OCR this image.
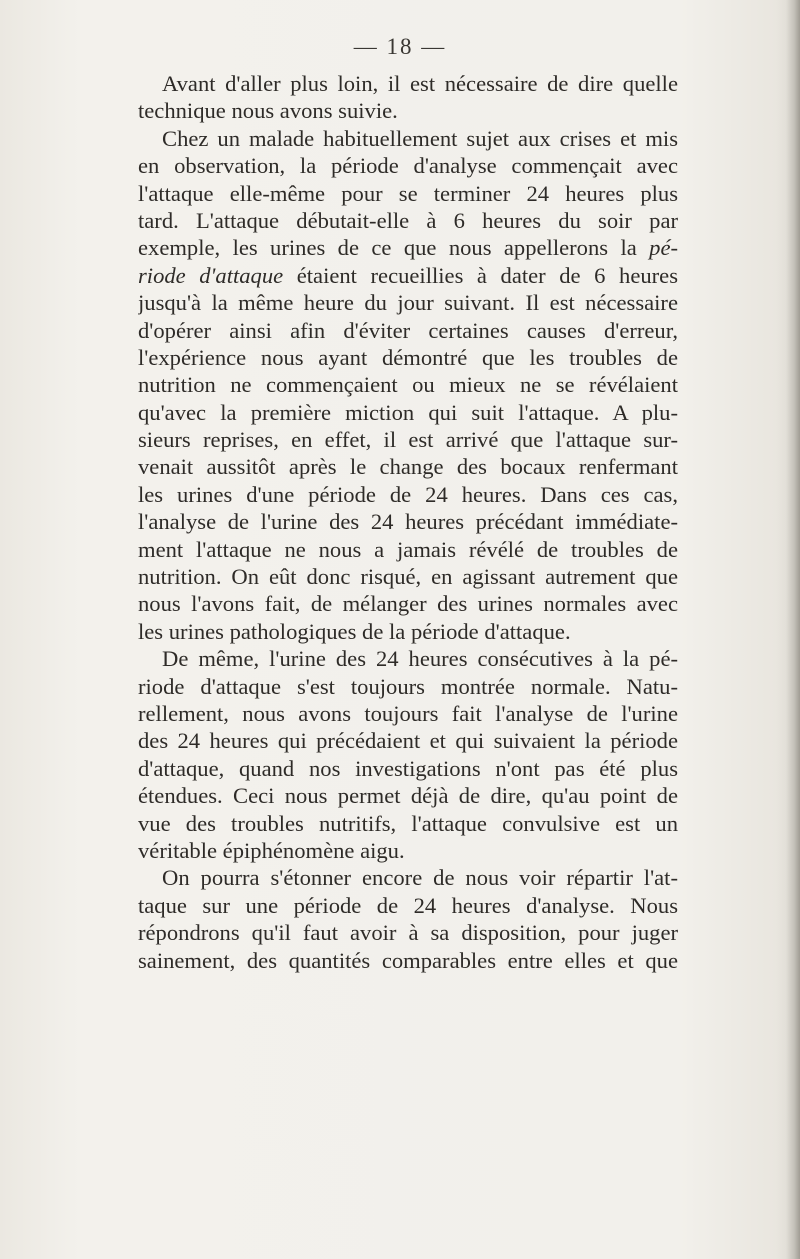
— 18 —
Avant d'aller plus loin, il est nécessaire de dire quelle
technique nous avons suivie.
Chez un malade habituellement sujet aux crises et mis
en observation, la période d'analyse commençait avec
l'attaque elle-même pour se terminer 24 heures plus
tard. L'attaque débutait-elle à 6 heures du soir par
exemple, les urines de ce que nous appellerons la pé-
riode d'attaque étaient recueillies à dater de 6 heures
jusqu'à la même heure du jour suivant. Il est nécessaire
d'opérer ainsi afin d'éviter certaines causes d'erreur,
l'expérience nous ayant démontré que les troubles de
nutrition ne commençaient ou mieux ne se révélaient
qu'avec la première miction qui suit l'attaque. A plu-
sieurs reprises, en effet, il est arrivé que l'attaque sur-
venait aussitôt après le change des bocaux renfermant
les urines d'une période de 24 heures. Dans ces cas,
l'analyse de l'urine des 24 heures précédant immédiate-
ment l'attaque ne nous a jamais révélé de troubles de
nutrition. On eût donc risqué, en agissant autrement que
nous l'avons fait, de mélanger des urines normales avec
les urines pathologiques de la période d'attaque.
De même, l'urine des 24 heures consécutives à la pé-
riode d'attaque s'est toujours montrée normale. Natu-
rellement, nous avons toujours fait l'analyse de l'urine
des 24 heures qui précédaient et qui suivaient la période
d'attaque, quand nos investigations n'ont pas été plus
étendues. Ceci nous permet déjà de dire, qu'au point de
vue des troubles nutritifs, l'attaque convulsive est un
véritable épiphénomène aigu.
On pourra s'étonner encore de nous voir répartir l'at-
taque sur une période de 24 heures d'analyse. Nous
répondrons qu'il faut avoir à sa disposition, pour juger
sainement, des quantités comparables entre elles et que
